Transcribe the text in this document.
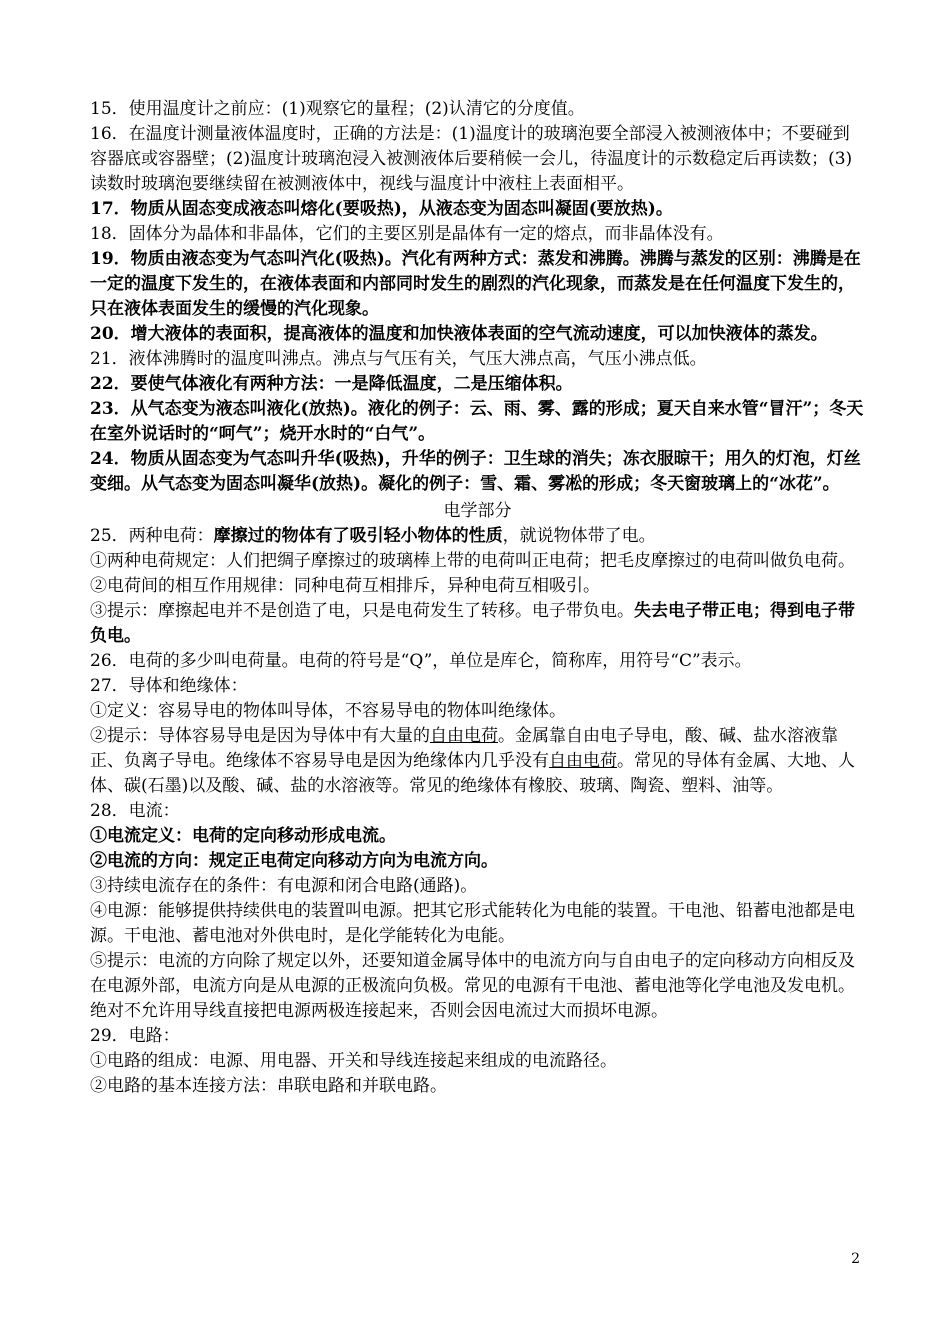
15．使用温度计之前应：(1)观察它的量程；(2)认清它的分度值。

16．在温度计测量液体温度时，正确的方法是：(1)温度计的玻璃泡要全部浸入被测液体中；不要碰到容器底或容器壁；(2)温度计玻璃泡浸入被测液体后要稍候一会儿，待温度计的示数稳定后再读数；(3)读数时玻璃泡要继续留在被测液体中，视线与温度计中液柱上表面相平。

17．物质从固态变成液态叫熔化(要吸热)，从液态变为固态叫凝固(要放热)。

18．固体分为晶体和非晶体，它们的主要区别是晶体有一定的熔点，而非晶体没有。

19．物质由液态变为气态叫汽化(吸热)。汽化有两种方式：蒸发和沸腾。沸腾与蒸发的区别：沸腾是在一定的温度下发生的，在液体表面和内部同时发生的剧烈的汽化现象，而蒸发是在任何温度下发生的，只在液体表面发生的缓慢的汽化现象。

20．增大液体的表面积，提高液体的温度和加快液体表面的空气流动速度，可以加快液体的蒸发。

21．液体沸腾时的温度叫沸点。沸点与气压有关，气压大沸点高，气压小沸点低。

22．要使气体液化有两种方法：一是降低温度，二是压缩体积。

23．从气态变为液态叫液化(放热)。液化的例子：云、雨、雾、露的形成；夏天自来水管“冒汗”；冬天在室外说话时的“呵气”；烧开水时的“白气”。

24．物质从固态变为气态叫升华(吸热)，升华的例子：卫生球的消失；冻衣服晾干；用久的灯泡，灯丝变细。从气态变为固态叫凝华(放热)。凝化的例子：雪、霜、雾凇的形成；冬天窗玻璃上的“冰花”。

电学部分

25．两种电荷：摩擦过的物体有了吸引轻小物体的性质，就说物体带了电。

①两种电荷规定：人们把绸子摩擦过的玻璃棒上带的电荷叫正电荷；把毛皮摩擦过的电荷叫做负电荷。

②电荷间的相互作用规律：同种电荷互相排斥，异种电荷互相吸引。

③提示：摩擦起电并不是创造了电，只是电荷发生了转移。电子带负电。失去电子带正电；得到电子带负电。

26．电荷的多少叫电荷量。电荷的符号是“Q”，单位是库仑，简称库，用符号“C”表示。

27．导体和绝缘体：

①定义：容易导电的物体叫导体，不容易导电的物体叫绝缘体。

②提示：导体容易导电是因为导体中有大量的自由电荷。金属靠自由电子导电，酸、碱、盐水溶液靠正、负离子导电。绝缘体不容易导电是因为绝缘体内几乎没有自由电荷。常见的导体有金属、大地、人体、碳(石墨)以及酸、碱、盐的水溶液等。常见的绝缘体有橡胶、玻璃、陶瓷、塑料、油等。

28．电流：

①电流定义：电荷的定向移动形成电流。

②电流的方向：规定正电荷定向移动方向为电流方向。

③持续电流存在的条件：有电源和闭合电路(通路)。

④电源：能够提供持续供电的装置叫电源。把其它形式能转化为电能的装置。干电池、铅蓄电池都是电源。干电池、蓄电池对外供电时，是化学能转化为电能。

⑤提示：电流的方向除了规定以外，还要知道金属导体中的电流方向与自由电子的定向移动方向相反及在电源外部，电流方向是从电源的正极流向负极。常见的电源有干电池、蓄电池等化学电池及发电机。绝对不允许用导线直接把电源两极连接起来，否则会因电流过大而损坏电源。

29．电路：

①电路的组成：电源、用电器、开关和导线连接起来组成的电流路径。

②电路的基本连接方法：串联电路和并联电路。

2
